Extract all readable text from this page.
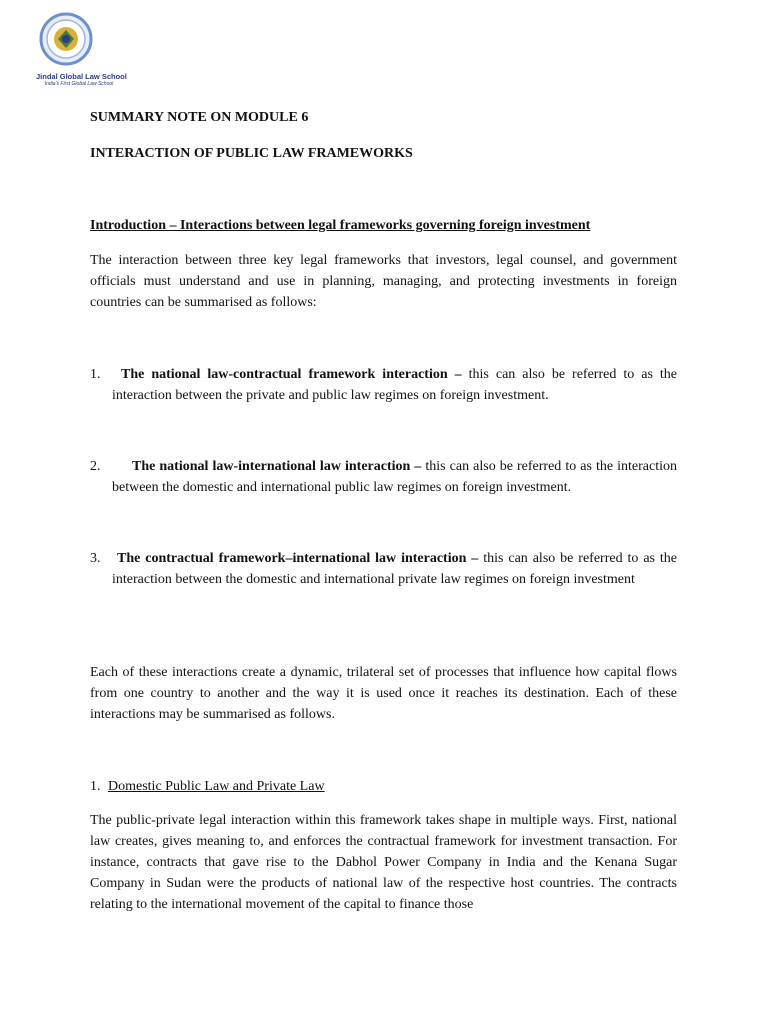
Jindal Global Law School
India's First Global Law School
SUMMARY NOTE ON MODULE 6
INTERACTION OF PUBLIC LAW FRAMEWORKS
Introduction – Interactions between legal frameworks governing foreign investment
The interaction between three key legal frameworks that investors, legal counsel, and government officials must understand and use in planning, managing, and protecting investments in foreign countries can be summarised as follows:
1.	The national law-contractual framework interaction – this can also be referred to as the interaction between the private and public law regimes on foreign investment.
2.	The national law-international law interaction – this can also be referred to as the interaction between the domestic and international public law regimes on foreign investment.
3.	The contractual framework–international law interaction – this can also be referred to as the interaction between the domestic and international private law regimes on foreign investment
Each of these interactions create a dynamic, trilateral set of processes that influence how capital flows from one country to another and the way it is used once it reaches its destination. Each of these interactions may be summarised as follows.
1. Domestic Public Law and Private Law
The public-private legal interaction within this framework takes shape in multiple ways. First, national law creates, gives meaning to, and enforces the contractual framework for investment transaction. For instance, contracts that gave rise to the Dabhol Power Company in India and the Kenana Sugar Company in Sudan were the products of national law of the respective host countries. The contracts relating to the international movement of the capital to finance those
